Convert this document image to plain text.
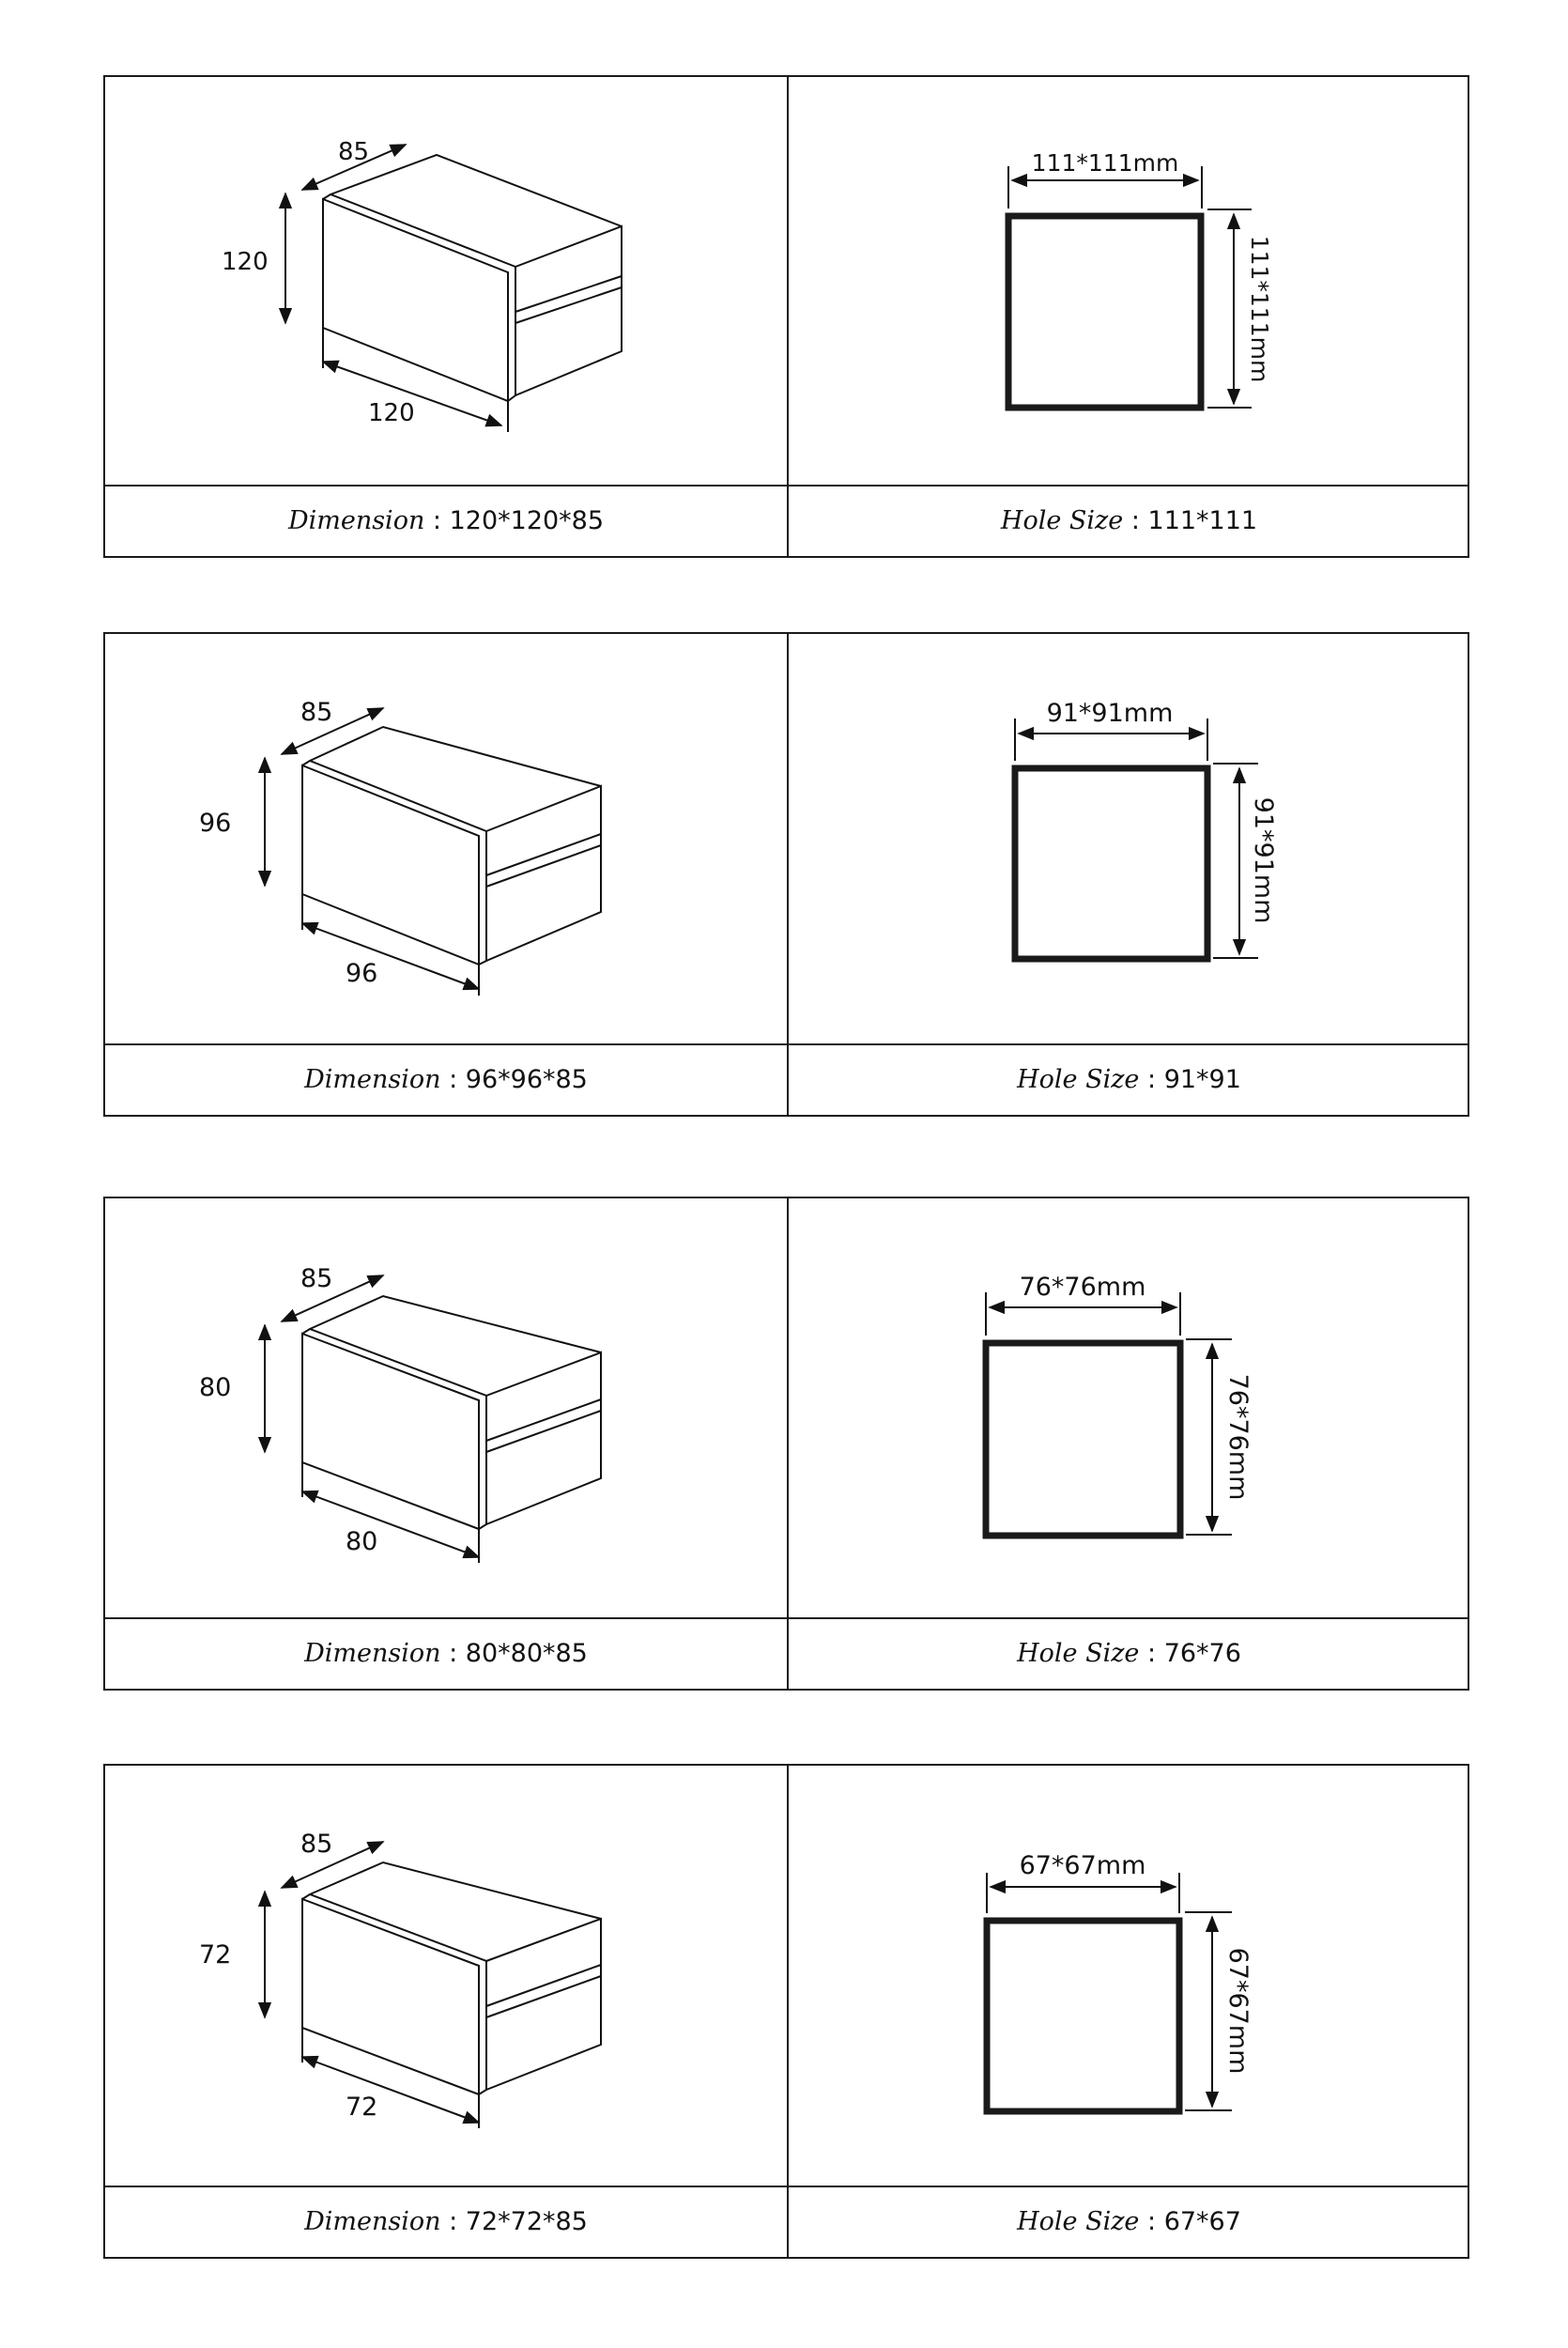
85
120
120
111*111mm
111*111mm
Dimension : 120*120*85	Hole Size : 111*111
85
96
96
91*91mm
91*91mm
Dimension : 96*96*85	Hole Size : 91*91
85
80
80
76*76mm
76*76mm
Dimension : 80*80*85	Hole Size : 76*76
85
72
72
67*67mm
67*67mm
Dimension : 72*72*85	Hole Size : 67*67
